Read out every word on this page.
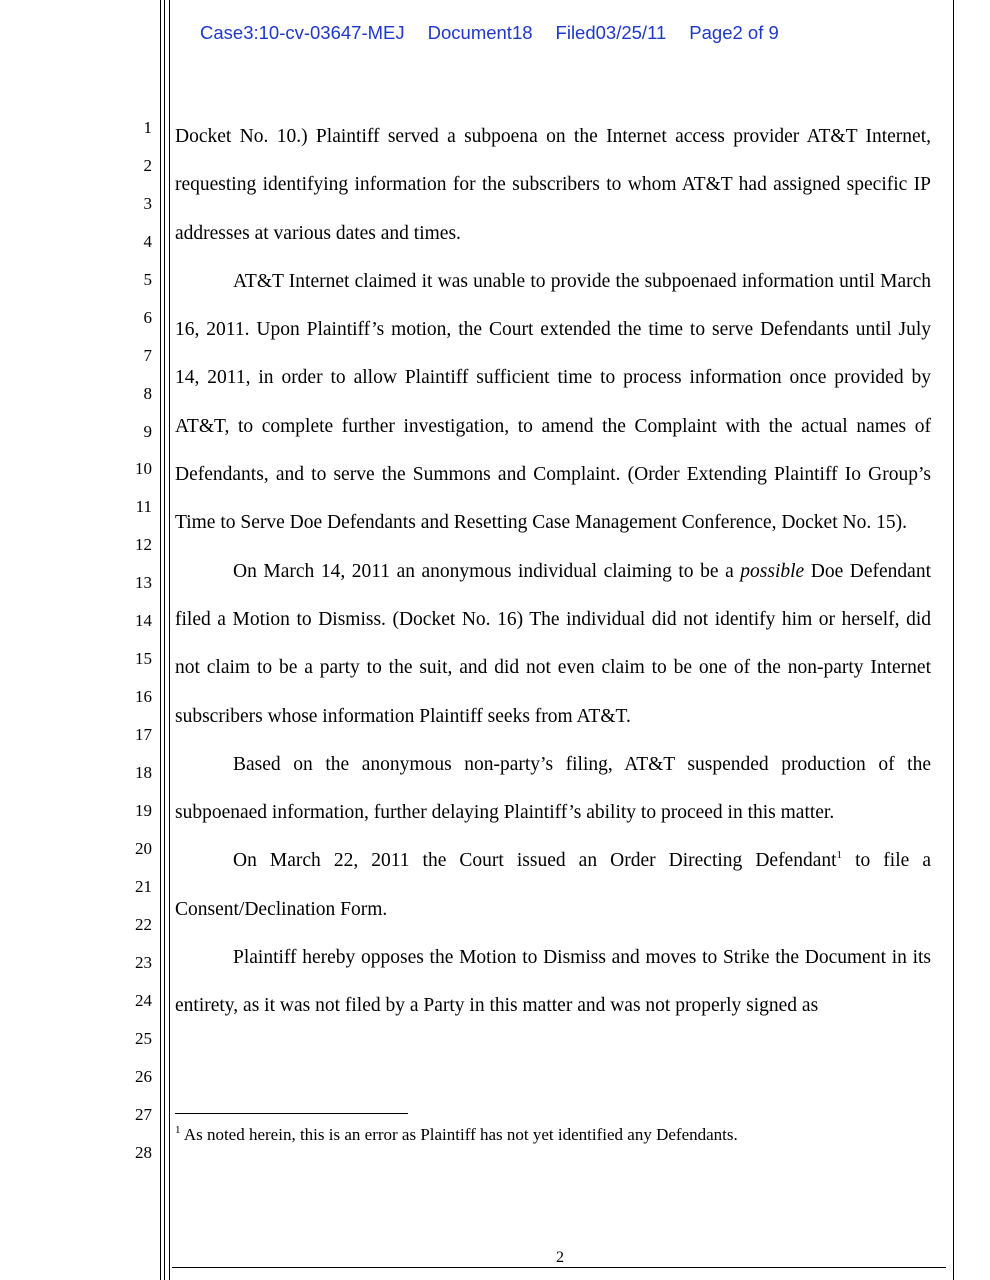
Case3:10-cv-03647-MEJ Document18 Filed03/25/11 Page2 of 9
1
2
3
4
5
6
7
8
9
10
11
12
13
14
15
16
17
18
19
20
21
22
23
24
25
26
27
28

Docket No. 10.) Plaintiff served a subpoena on the Internet access provider AT&T Internet, requesting identifying information for the subscribers to whom AT&T had assigned specific IP addresses at various dates and times.

AT&T Internet claimed it was unable to provide the subpoenaed information until March 16, 2011. Upon Plaintiff’s motion, the Court extended the time to serve Defendants until July 14, 2011, in order to allow Plaintiff sufficient time to process information once provided by AT&T, to complete further investigation, to amend the Complaint with the actual names of Defendants, and to serve the Summons and Complaint. (Order Extending Plaintiff Io Group’s Time to Serve Doe Defendants and Resetting Case Management Conference, Docket No. 15).

On March 14, 2011 an anonymous individual claiming to be a possible Doe Defendant filed a Motion to Dismiss. (Docket No. 16) The individual did not identify him or herself, did not claim to be a party to the suit, and did not even claim to be one of the non-party Internet subscribers whose information Plaintiff seeks from AT&T.

Based on the anonymous non-party’s filing, AT&T suspended production of the subpoenaed information, further delaying Plaintiff’s ability to proceed in this matter.

On March 22, 2011 the Court issued an Order Directing Defendant$^1$ to file a Consent/Declination Form.

Plaintiff hereby opposes the Motion to Dismiss and moves to Strike the Document in its entirety, as it was not filed by a Party in this matter and was not properly signed as

$^1$ As noted herein, this is an error as Plaintiff has not yet identified any Defendants.
2
